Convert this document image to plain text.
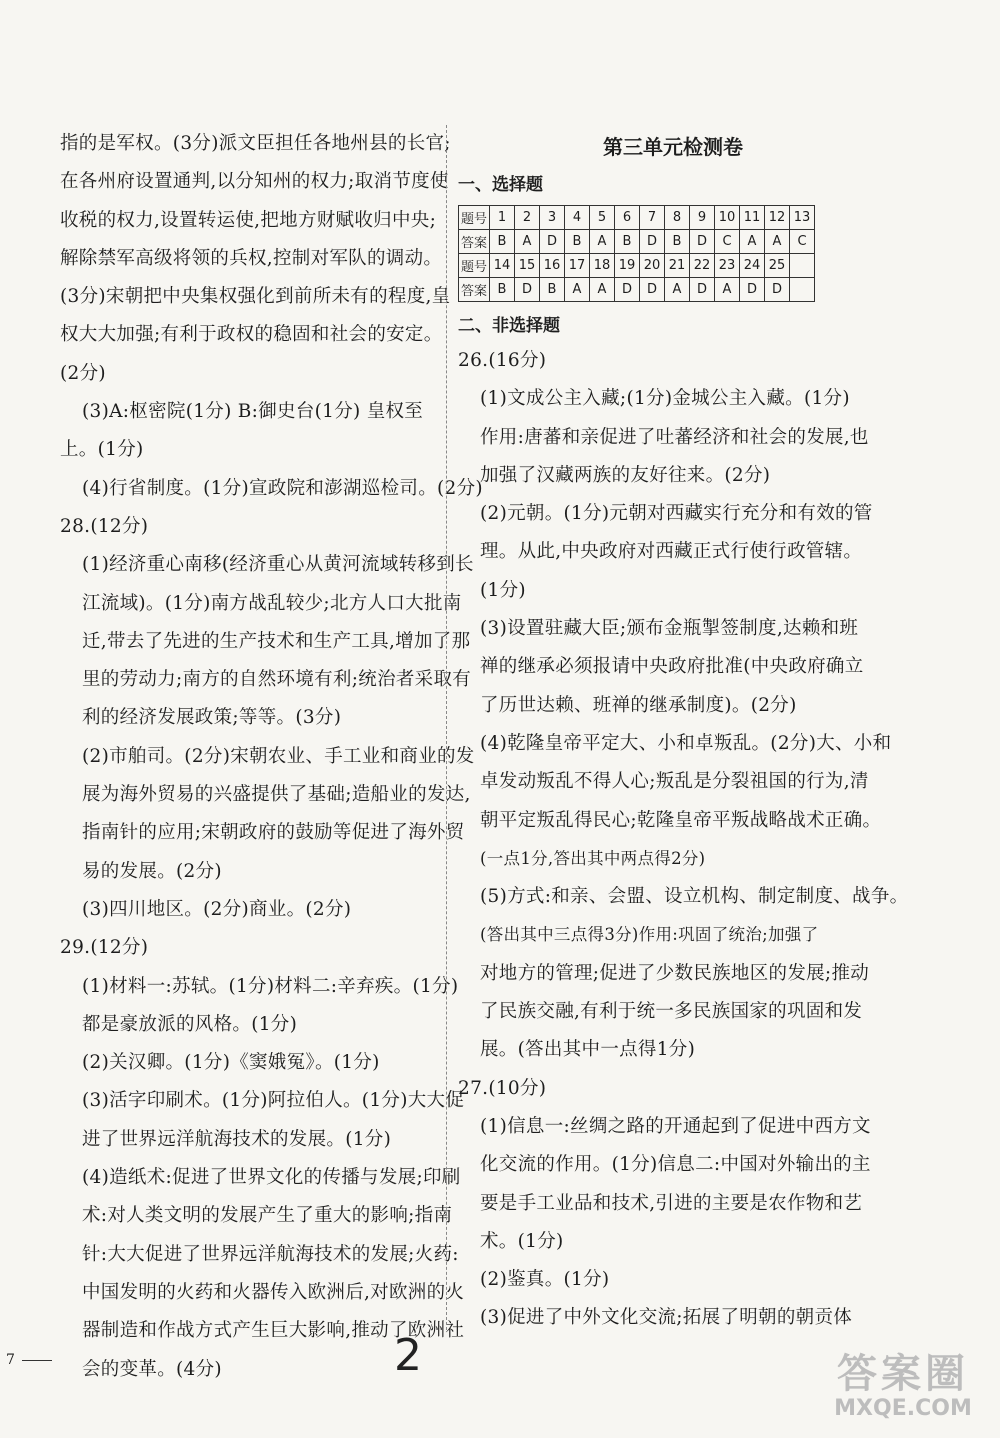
指的是军权。(3分)派文臣担任各地州县的长官;
在各州府设置通判,以分知州的权力;取消节度使
收税的权力,设置转运使,把地方财赋收归中央;
解除禁军高级将领的兵权,控制对军队的调动。
(3分)宋朝把中央集权强化到前所未有的程度,皇
权大大加强;有利于政权的稳固和社会的安定。
(2分)
(3)A:枢密院(1分) B:御史台(1分) 皇权至
上。(1分)
(4)行省制度。(1分)宣政院和澎湖巡检司。(2分)
28.(12分)
(1)经济重心南移(经济重心从黄河流域转移到长
江流域)。(1分)南方战乱较少;北方人口大批南
迁,带去了先进的生产技术和生产工具,增加了那
里的劳动力;南方的自然环境有利;统治者采取有
利的经济发展政策;等等。(3分)
(2)市舶司。(2分)宋朝农业、手工业和商业的发
展为海外贸易的兴盛提供了基础;造船业的发达,
指南针的应用;宋朝政府的鼓励等促进了海外贸
易的发展。(2分)
(3)四川地区。(2分)商业。(2分)
29.(12分)
(1)材料一:苏轼。(1分)材料二:辛弃疾。(1分)
都是豪放派的风格。(1分)
(2)关汉卿。(1分)《窦娥冤》。(1分)
(3)活字印刷术。(1分)阿拉伯人。(1分)大大促
进了世界远洋航海技术的发展。(1分)
(4)造纸术:促进了世界文化的传播与发展;印刷
术:对人类文明的发展产生了重大的影响;指南
针:大大促进了世界远洋航海技术的发展;火药:
中国发明的火药和火器传入欧洲后,对欧洲的火
器制造和作战方式产生巨大影响,推动了欧洲社
会的变革。(4分)
第三单元检测卷
一、选择题
题号	1	2	3	4	5	6	7	8	9	10	11	12	13
答案	B	A	D	B	A	B	D	B	D	C	A	A	C
题号	14	15	16	17	18	19	20	21	22	23	24	25	
答案	B	D	B	A	A	D	D	A	D	A	D	D	
二、非选择题
26.(16分)
(1)文成公主入藏;(1分)金城公主入藏。(1分)
作用:唐蕃和亲促进了吐蕃经济和社会的发展,也
加强了汉藏两族的友好往来。(2分)
(2)元朝。(1分)元朝对西藏实行充分和有效的管
理。从此,中央政府对西藏正式行使行政管辖。
(1分)
(3)设置驻藏大臣;颁布金瓶掣签制度,达赖和班
禅的继承必须报请中央政府批准(中央政府确立
了历世达赖、班禅的继承制度)。(2分)
(4)乾隆皇帝平定大、小和卓叛乱。(2分)大、小和
卓发动叛乱不得人心;叛乱是分裂祖国的行为,清
朝平定叛乱得民心;乾隆皇帝平叛战略战术正确。
(一点1分,答出其中两点得2分)
(5)方式:和亲、会盟、设立机构、制定制度、战争。
(答出其中三点得3分)作用:巩固了统治;加强了
对地方的管理;促进了少数民族地区的发展;推动
了民族交融,有利于统一多民族国家的巩固和发
展。(答出其中一点得1分)
27.(10分)
(1)信息一:丝绸之路的开通起到了促进中西方文
化交流的作用。(1分)信息二:中国对外输出的主
要是手工业品和技术,引进的主要是农作物和艺
术。(1分)
(2)鉴真。(1分)
(3)促进了中外文化交流;拓展了明朝的朝贡体
7	2	答案圈
MXQE.COM
